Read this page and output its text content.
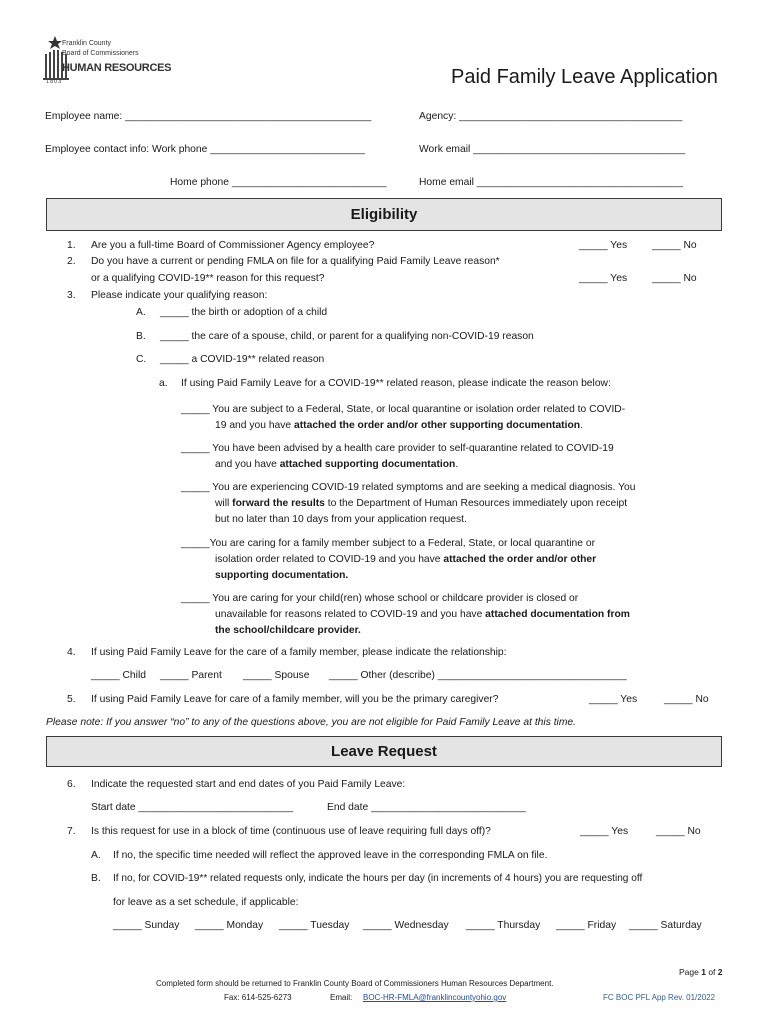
Franklin County
Board of Commissioners
HUMAN RESOURCES
1803	Paid Family Leave Application
Employee name: ___________________________________________	Agency: _______________________________________
Employee contact info: Work phone ___________________________	Work email _____________________________________
Home phone ___________________________	Home email ____________________________________
Eligibility
1. Are you a full-time Board of Commissioner Agency employee?	_____ Yes _____ No
2. Do you have a current or pending FMLA on file for a qualifying Paid Family Leave reason*
or a qualifying COVID-19** reason for this request?	_____ Yes _____ No
3. Please indicate your qualifying reason:
A. _____ the birth or adoption of a child
B. _____ the care of a spouse, child, or parent for a qualifying non-COVID-19 reason
C. _____ a COVID-19** related reason
a. If using Paid Family Leave for a COVID-19** related reason, please indicate the reason below:
_____ You are subject to a Federal, State, or local quarantine or isolation order related to COVID-
19 and you have attached the order and/or other supporting documentation.
_____ You have been advised by a health care provider to self-quarantine related to COVID-19
and you have attached supporting documentation.
_____ You are experiencing COVID-19 related symptoms and are seeking a medical diagnosis. You
will forward the results to the Department of Human Resources immediately upon receipt
but no later than 10 days from your application request.
_____You are caring for a family member subject to a Federal, State, or local quarantine or
isolation order related to COVID-19 and you have attached the order and/or other
supporting documentation.
_____ You are caring for your child(ren) whose school or childcare provider is closed or
unavailable for reasons related to COVID-19 and you have attached documentation from
the school/childcare provider.
4. If using Paid Family Leave for the care of a family member, please indicate the relationship:
_____ Child _____ Parent _____ Spouse _____ Other (describe) _________________________________
5. If using Paid Family Leave for care of a family member, will you be the primary caregiver?	_____ Yes	_____ No
Please note: If you answer “no” to any of the questions above, you are not eligible for Paid Family Leave at this time.
Leave Request
6. Indicate the requested start and end dates of you Paid Family Leave:
Start date ___________________________	End date ___________________________
7. Is this request for use in a block of time (continuous use of leave requiring full days off)?	_____ Yes	_____ No
A. If no, the specific time needed will reflect the approved leave in the corresponding FMLA on file.
B. If no, for COVID-19** related requests only, indicate the hours per day (in increments of 4 hours) you are requesting off
for leave as a set schedule, if applicable:
_____ Sunday _____ Monday _____ Tuesday _____ Wednesday _____ Thursday _____ Friday _____ Saturday
Page 1 of 2
Completed form should be returned to Franklin County Board of Commissioners Human Resources Department.
Fax: 614-525-6273	Email: BOC-HR-FMLA@franklincountyohio.gov	FC BOC PFL App Rev. 01/2022
